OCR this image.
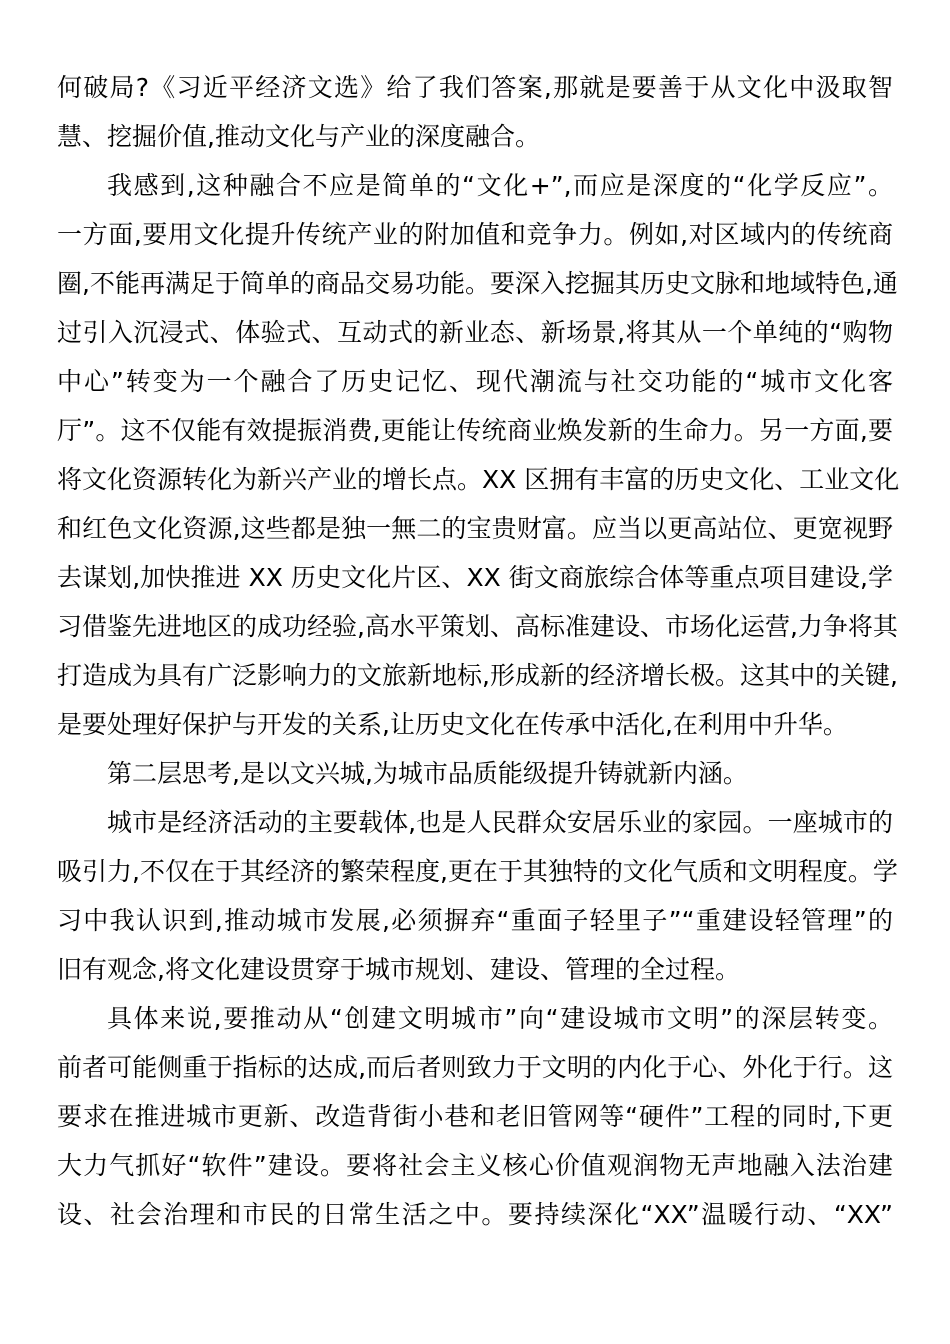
何破局?《习近平经济文选》给了我们答案,那就是要善于从文化中汲取智
慧、挖掘价值,推动文化与产业的深度融合。
我感到,这种融合不应是简单的“文化+”,而应是深度的“化学反应”。
一方面,要用文化提升传统产业的附加值和竞争力。例如,对区域内的传统商
圈,不能再满足于简单的商品交易功能。要深入挖掘其历史文脉和地域特色,通
过引入沉浸式、体验式、互动式的新业态、新场景,将其从一个单纯的“购物
中心”转变为一个融合了历史记忆、现代潮流与社交功能的“城市文化客
厅”。这不仅能有效提振消费,更能让传统商业焕发新的生命力。另一方面,要
将文化资源转化为新兴产业的增长点。XX 区拥有丰富的历史文化、工业文化
和红色文化资源,这些都是独一無二的宝贵财富。应当以更高站位、更宽视野
去谋划,加快推进 XX 历史文化片区、XX 街文商旅综合体等重点项目建设,学
习借鉴先进地区的成功经验,高水平策划、高标准建设、市场化运营,力争将其
打造成为具有广泛影响力的文旅新地标,形成新的经济增长极。这其中的关键,
是要处理好保护与开发的关系,让历史文化在传承中活化,在利用中升华。
第二层思考,是以文兴城,为城市品质能级提升铸就新内涵。
城市是经济活动的主要载体,也是人民群众安居乐业的家园。一座城市的
吸引力,不仅在于其经济的繁荣程度,更在于其独特的文化气质和文明程度。学
习中我认识到,推动城市发展,必须摒弃“重面子轻里子”“重建设轻管理”的
旧有观念,将文化建设贯穿于城市规划、建设、管理的全过程。
具体来说,要推动从“创建文明城市”向“建设城市文明”的深层转变。
前者可能侧重于指标的达成,而后者则致力于文明的内化于心、外化于行。这
要求在推进城市更新、改造背街小巷和老旧管网等“硬件”工程的同时,下更
大力气抓好“软件”建设。要将社会主义核心价值观润物无声地融入法治建
设、社会治理和市民的日常生活之中。要持续深化“XX”温暖行动、“XX”
